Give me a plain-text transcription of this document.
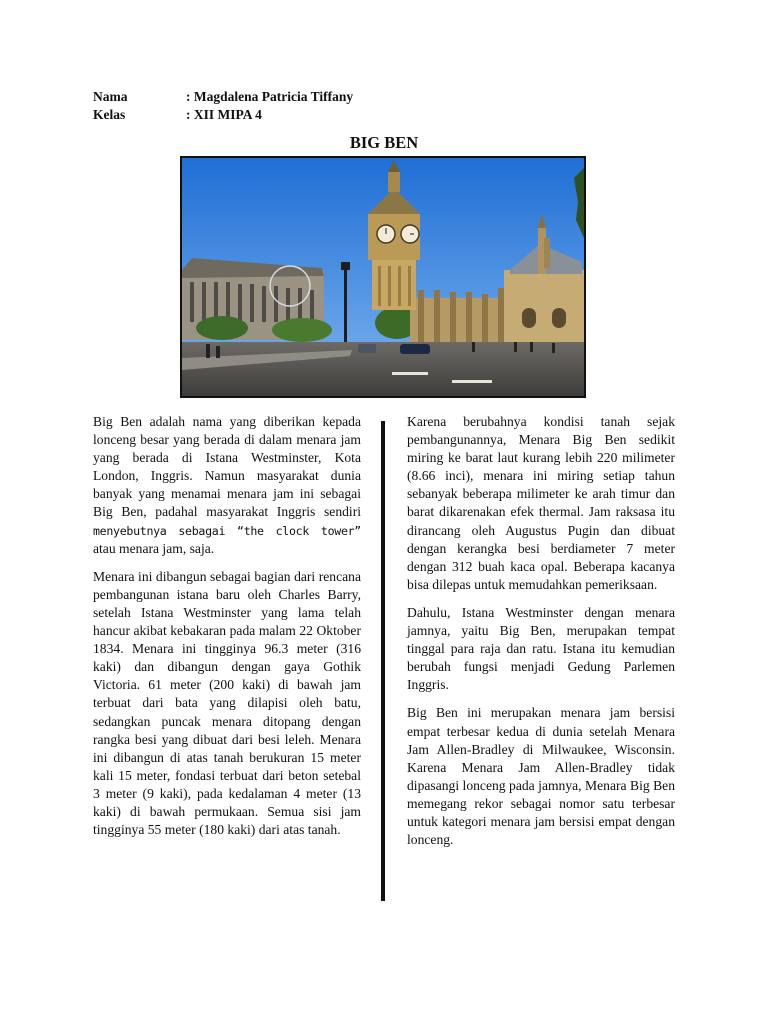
Nama	: Magdalena Patricia Tiffany
Kelas	: XII MIPA 4
BIG BEN

Big Ben adalah nama yang diberikan kepada lonceng besar yang berada di dalam menara jam yang berada di Istana Westminster, Kota London, Inggris. Namun masyarakat dunia banyak yang menamai menara jam ini sebagai Big Ben, padahal masyarakat Inggris sendiri menyebutnya sebagai “the clock tower” atau menara jam, saja.

Menara ini dibangun sebagai bagian dari rencana pembangunan istana baru oleh Charles Barry, setelah Istana Westminster yang lama telah hancur akibat kebakaran pada malam 22 Oktober 1834. Menara ini tingginya 96.3 meter (316 kaki) dan dibangun dengan gaya Gothik Victoria. 61 meter (200 kaki) di bawah jam terbuat dari bata yang dilapisi oleh batu, sedangkan puncak menara ditopang dengan rangka besi yang dibuat dari besi leleh. Menara ini dibangun di atas tanah berukuran 15 meter kali 15 meter, fondasi terbuat dari beton setebal 3 meter (9 kaki), pada kedalaman 4 meter (13 kaki) di bawah permukaan. Semua sisi jam tingginya 55 meter (180 kaki) dari atas tanah.

Karena berubahnya kondisi tanah sejak pembangunannya, Menara Big Ben sedikit miring ke barat laut kurang lebih 220 milimeter (8.66 inci), menara ini miring setiap tahun sebanyak beberapa milimeter ke arah timur dan barat dikarenakan efek thermal. Jam raksasa itu dirancang oleh Augustus Pugin dan dibuat dengan kerangka besi berdiameter 7 meter dengan 312 buah kaca opal. Beberapa kacanya bisa dilepas untuk memudahkan pemeriksaan.

Dahulu, Istana Westminster dengan menara jamnya, yaitu Big Ben, merupakan tempat tinggal para raja dan ratu. Istana itu kemudian berubah fungsi menjadi Gedung Parlemen Inggris.

Big Ben ini merupakan menara jam bersisi empat terbesar kedua di dunia setelah Menara Jam Allen-Bradley di Milwaukee, Wisconsin. Karena Menara Jam Allen-Bradley tidak dipasangi lonceng pada jamnya, Menara Big Ben memegang rekor sebagai nomor satu terbesar untuk kategori menara jam bersisi empat dengan lonceng.
